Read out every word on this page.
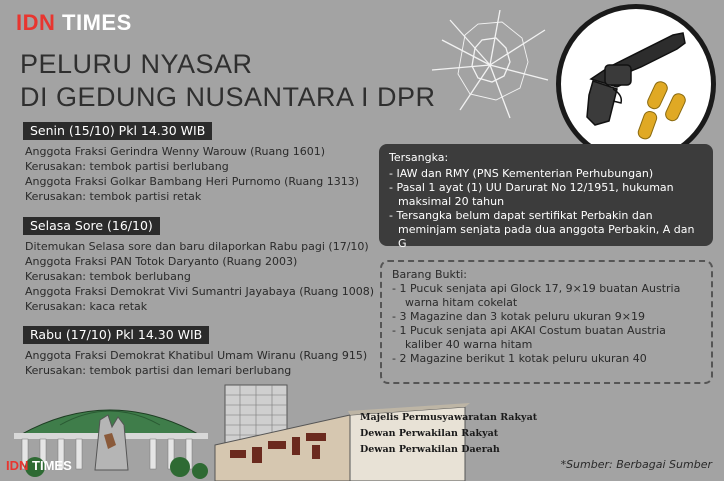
IDN TIMES
PELURU NYASAR
DI GEDUNG NUSANTARA I DPR
Senin (15/10) Pkl 14.30 WIB
Anggota Fraksi Gerindra Wenny Warouw (Ruang 1601)
Kerusakan: tembok partisi berlubang
Anggota Fraksi Golkar Bambang Heri Purnomo (Ruang 1313)
Kerusakan: tembok partisi retak
Selasa Sore (16/10)
Ditemukan Selasa sore dan baru dilaporkan Rabu pagi (17/10)
Anggota Fraksi PAN Totok Daryanto (Ruang 2003)
Kerusakan: tembok berlubang
Anggota Fraksi Demokrat Vivi Sumantri Jayabaya (Ruang 1008)
Kerusakan: kaca retak
Rabu (17/10) Pkl 14.30 WIB
Anggota Fraksi Demokrat Khatibul Umam Wiranu (Ruang 915)
Kerusakan: tembok partisi dan lemari berlubang
Tersangka:
- IAW dan RMY (PNS Kementerian Perhubungan)
- Pasal 1 ayat (1) UU Darurat No 12/1951, hukuman maksimal 20 tahun
- Tersangka belum dapat sertifikat Perbakin dan meminjam senjata pada dua anggota Perbakin, A dan G
Barang Bukti:
- 1 Pucuk senjata api Glock 17, 9×19 buatan Austria warna hitam cokelat
- 3 Magazine dan 3 kotak peluru ukuran 9×19
- 1 Pucuk senjata api AKAI Costum buatan Austria kaliber 40 warna hitam
- 2 Magazine berikut 1 kotak peluru ukuran 40
Majelis Permusyawaratan Rakyat
Dewan Perwakilan Rakyat
Dewan Perwakilan Daerah
IDN TIMES	*Sumber: Berbagai Sumber
